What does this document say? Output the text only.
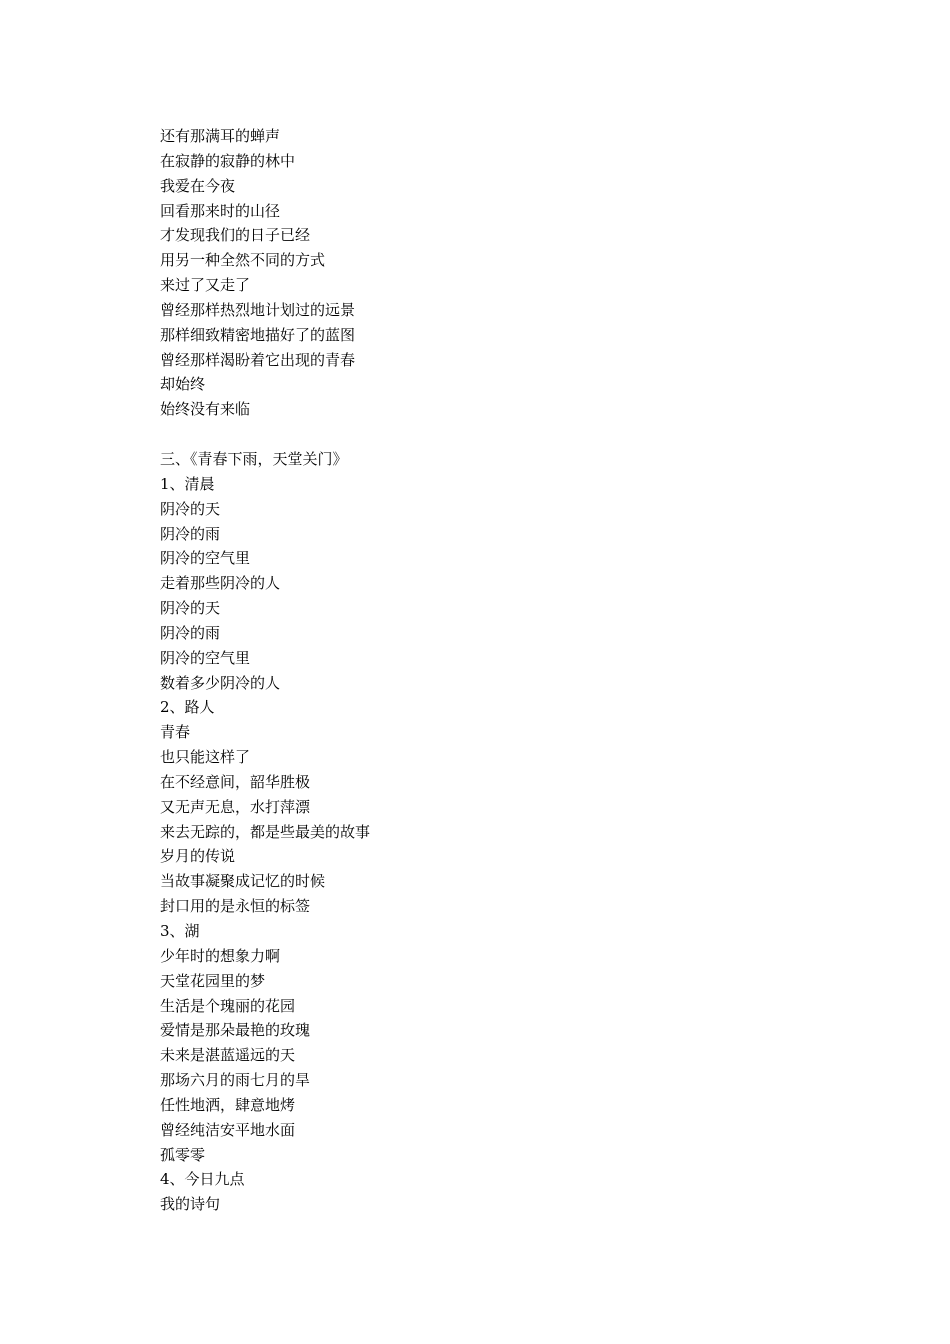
还有那满耳的蝉声
在寂静的寂静的林中
我爱在今夜
回看那来时的山径
才发现我们的日子已经
用另一种全然不同的方式
来过了又走了
曾经那样热烈地计划过的远景
那样细致精密地描好了的蓝图
曾经那样渴盼着它出现的青春
却始终
始终没有来临
三、《青春下雨，天堂关门》
1、清晨
阴冷的天
阴冷的雨
阴冷的空气里
走着那些阴冷的人
阴冷的天
阴冷的雨
阴冷的空气里
数着多少阴冷的人
2、路人
青春
也只能这样了
在不经意间，韶华胜极
又无声无息，水打萍漂
来去无踪的，都是些最美的故事
岁月的传说
当故事凝聚成记忆的时候
封口用的是永恒的标签
3、湖
少年时的想象力啊
天堂花园里的梦
生活是个瑰丽的花园
爱情是那朵最艳的玫瑰
未来是湛蓝遥远的天
那场六月的雨七月的旱
任性地洒，肆意地烤
曾经纯洁安平地水面
孤零零
4、今日九点
我的诗句
